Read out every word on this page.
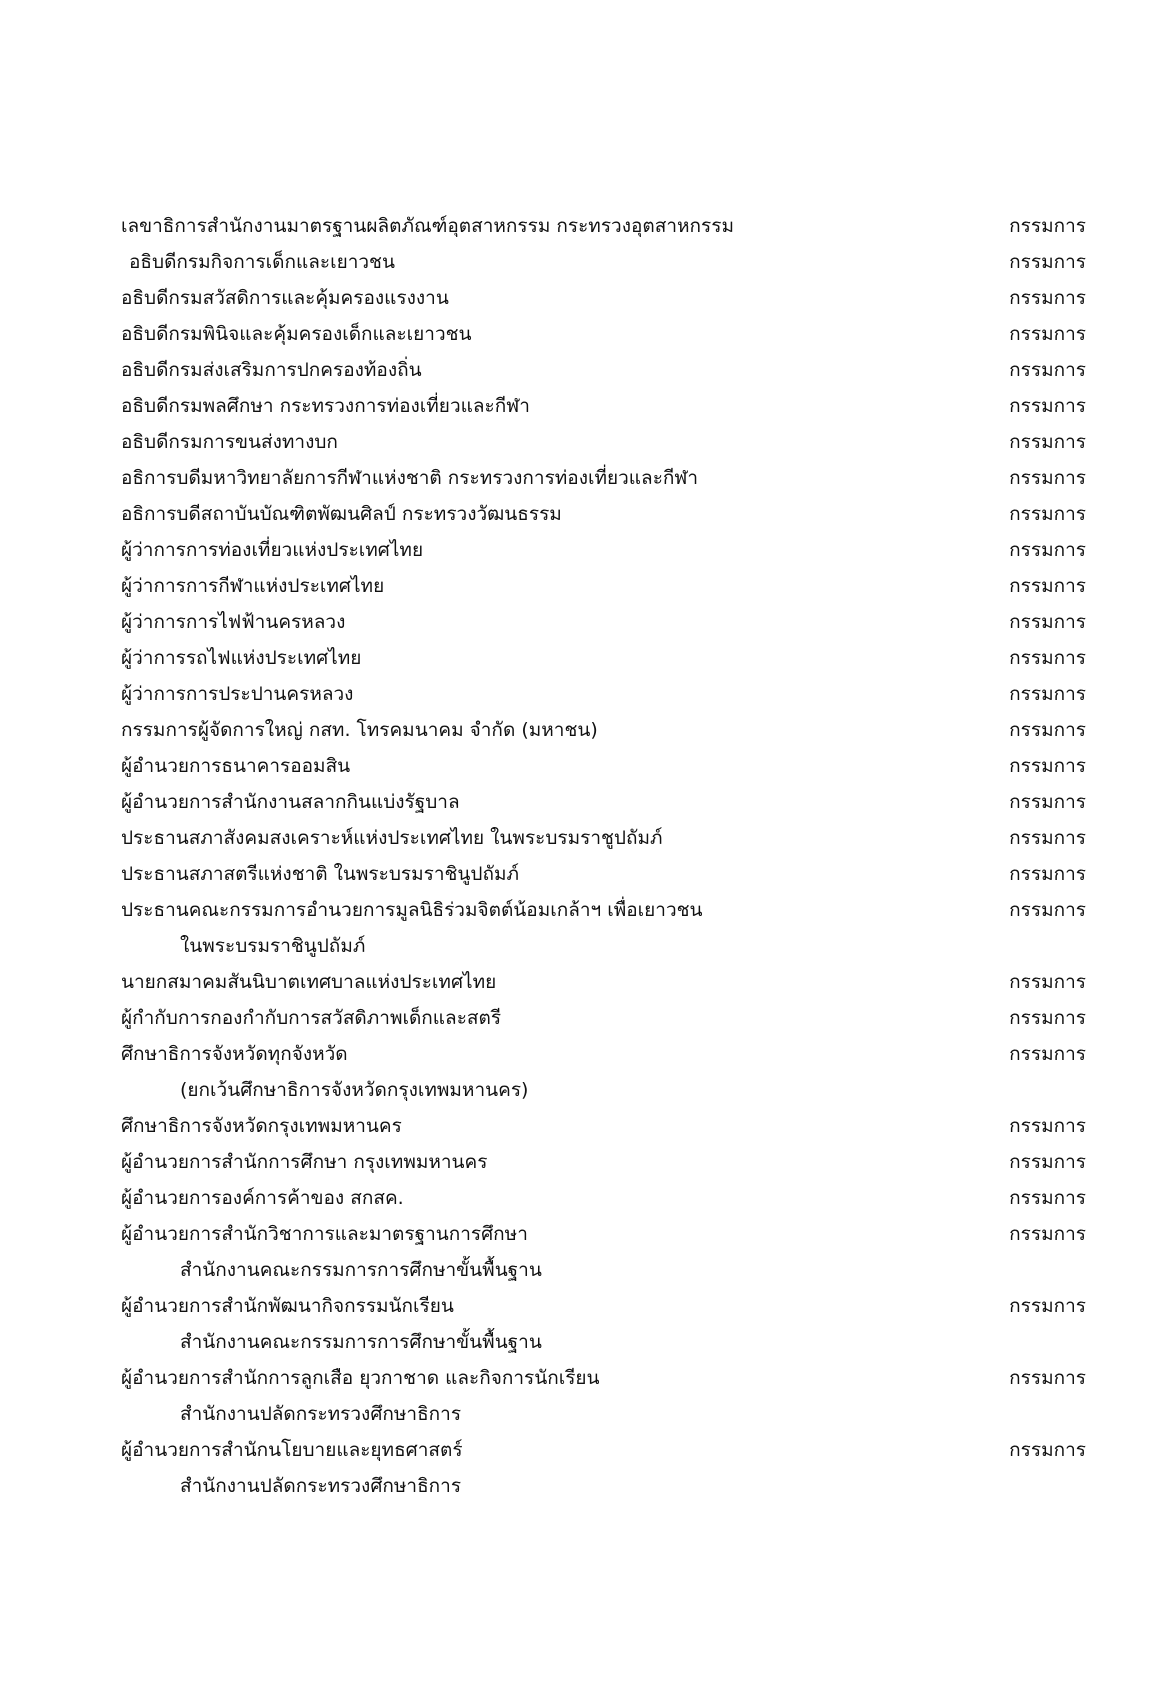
เลขาธิการสำนักงานมาตรฐานผลิตภัณฑ์อุตสาหกรรม กระทรวงอุตสาหกรรม	กรรมการ
อธิบดีกรมกิจการเด็กและเยาวชน	กรรมการ
อธิบดีกรมสวัสดิการและคุ้มครองแรงงาน	กรรมการ
อธิบดีกรมพินิจและคุ้มครองเด็กและเยาวชน	กรรมการ
อธิบดีกรมส่งเสริมการปกครองท้องถิ่น	กรรมการ
อธิบดีกรมพลศึกษา กระทรวงการท่องเที่ยวและกีฬา	กรรมการ
อธิบดีกรมการขนส่งทางบก	กรรมการ
อธิการบดีมหาวิทยาลัยการกีฬาแห่งชาติ กระทรวงการท่องเที่ยวและกีฬา	กรรมการ
อธิการบดีสถาบันบัณฑิตพัฒนศิลป์ กระทรวงวัฒนธรรม	กรรมการ
ผู้ว่าการการท่องเที่ยวแห่งประเทศไทย	กรรมการ
ผู้ว่าการการกีฬาแห่งประเทศไทย	กรรมการ
ผู้ว่าการการไฟฟ้านครหลวง	กรรมการ
ผู้ว่าการรถไฟแห่งประเทศไทย	กรรมการ
ผู้ว่าการการประปานครหลวง	กรรมการ
กรรมการผู้จัดการใหญ่ กสท. โทรคมนาคม จำกัด (มหาชน)	กรรมการ
ผู้อำนวยการธนาคารออมสิน	กรรมการ
ผู้อำนวยการสำนักงานสลากกินแบ่งรัฐบาล	กรรมการ
ประธานสภาสังคมสงเคราะห์แห่งประเทศไทย ในพระบรมราชูปถัมภ์	กรรมการ
ประธานสภาสตรีแห่งชาติ ในพระบรมราชินูปถัมภ์	กรรมการ
ประธานคณะกรรมการอำนวยการมูลนิธิร่วมจิตต์น้อมเกล้าฯ เพื่อเยาวชน	กรรมการ
ในพระบรมราชินูปถัมภ์
นายกสมาคมสันนิบาตเทศบาลแห่งประเทศไทย	กรรมการ
ผู้กำกับการกองกำกับการสวัสดิภาพเด็กและสตรี	กรรมการ
ศึกษาธิการจังหวัดทุกจังหวัด	กรรมการ
(ยกเว้นศึกษาธิการจังหวัดกรุงเทพมหานคร)
ศึกษาธิการจังหวัดกรุงเทพมหานคร	กรรมการ
ผู้อำนวยการสำนักการศึกษา กรุงเทพมหานคร	กรรมการ
ผู้อำนวยการองค์การค้าของ สกสค.	กรรมการ
ผู้อำนวยการสำนักวิชาการและมาตรฐานการศึกษา	กรรมการ
สำนักงานคณะกรรมการการศึกษาขั้นพื้นฐาน
ผู้อำนวยการสำนักพัฒนากิจกรรมนักเรียน	กรรมการ
สำนักงานคณะกรรมการการศึกษาขั้นพื้นฐาน
ผู้อำนวยการสำนักการลูกเสือ ยุวกาชาด และกิจการนักเรียน	กรรมการ
สำนักงานปลัดกระทรวงศึกษาธิการ
ผู้อำนวยการสำนักนโยบายและยุทธศาสตร์	กรรมการ
สำนักงานปลัดกระทรวงศึกษาธิการ
